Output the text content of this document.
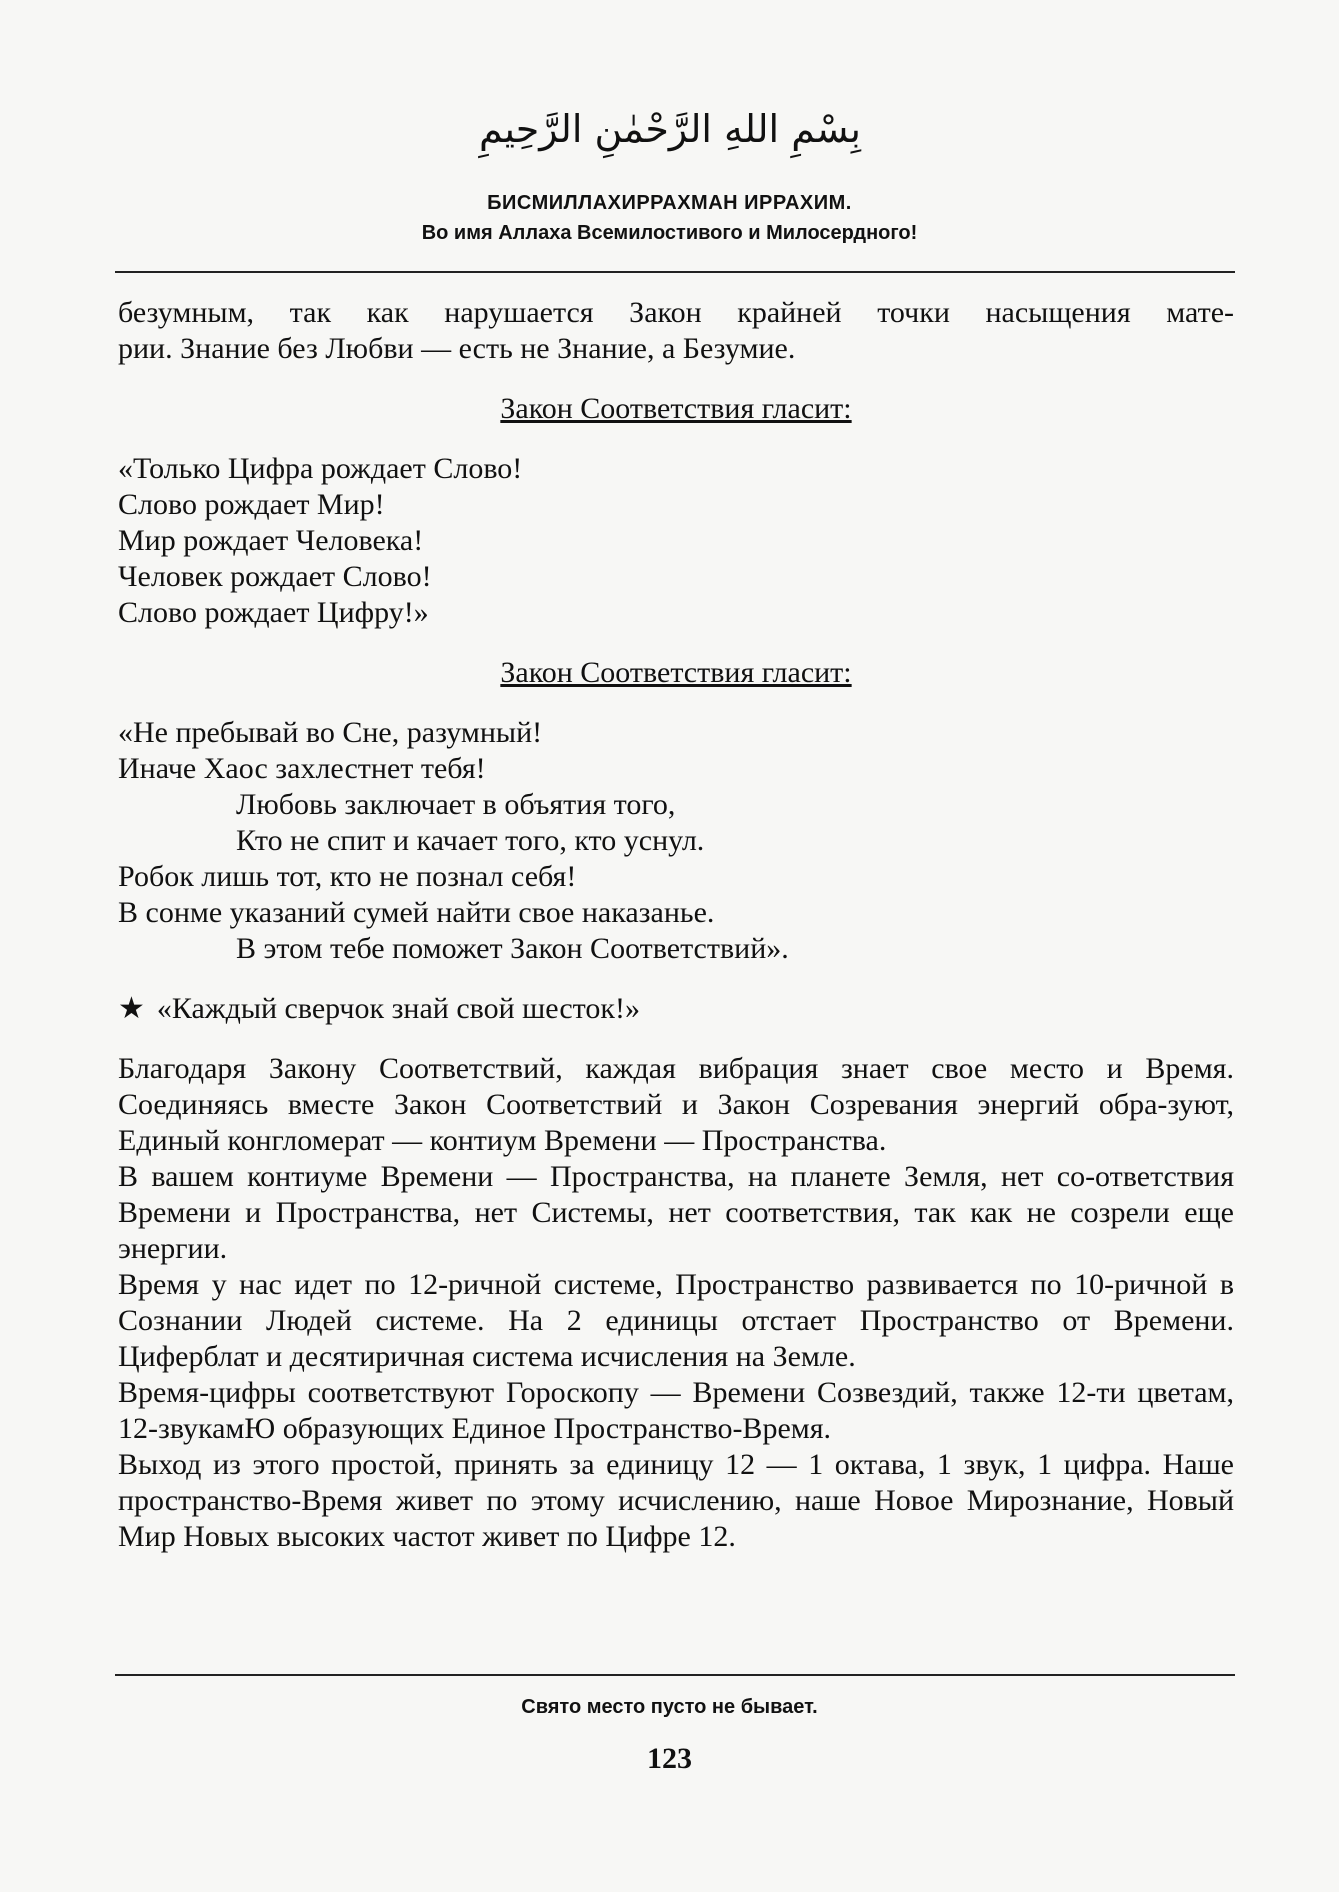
بِسْمِ اللهِ الرَّحْمٰنِ الرَّحِيمِ
БИСМИЛЛАХИРРАХМАН ИРРАХИМ.
Во имя Аллаха Всемилостивого и Милосердного!

безумным, так как нарушается Закон крайней точки насыщения мате-
рии. Знание без Любви — есть не Знание, а Безумие.

Закон Соответствия гласит:

«Только Цифра рождает Слово!
Слово рождает Мир!
Мир рождает Человека!
Человек рождает Слово!
Слово рождает Цифру!»

Закон Соответствия гласит:

«Не пребывай во Сне, разумный!
Иначе Хаос захлестнет тебя!
Любовь заключает в объятия того,
Кто не спит и качает того, кто уснул.
Робок лишь тот, кто не познал себя!
В сонме указаний сумей найти свое наказанье.
В этом тебе поможет Закон Соответствий».

★ «Каждый сверчок знай свой шесток!»

Благодаря Закону Соответствий, каждая вибрация знает свое место и Время. Соединяясь вместе Закон Соответствий и Закон Созревания энергий обра-зуют, Единый конгломерат — контиум Времени — Пространства.

В вашем контиуме Времени — Пространства, на планете Земля, нет со-ответствия Времени и Пространства, нет Системы, нет соответствия, так как не созрели еще энергии.

Время у нас идет по 12-ричной системе, Пространство развивается по 10-ричной в Сознании Людей системе. На 2 единицы отстает Пространство от Времени. Циферблат и десятиричная система исчисления на Земле.

Время-цифры соответствуют Гороскопу — Времени Созвездий, также 12-ти цветам, 12-звукамЮ образующих Единое Пространство-Время.

Выход из этого простой, принять за единицу 12 — 1 октава, 1 звук, 1 цифра. Наше пространство-Время живет по этому исчислению, наше Новое Мирознание, Новый Мир Новых высоких частот живет по Цифре 12.

Свято место пусто не бывает.
123
